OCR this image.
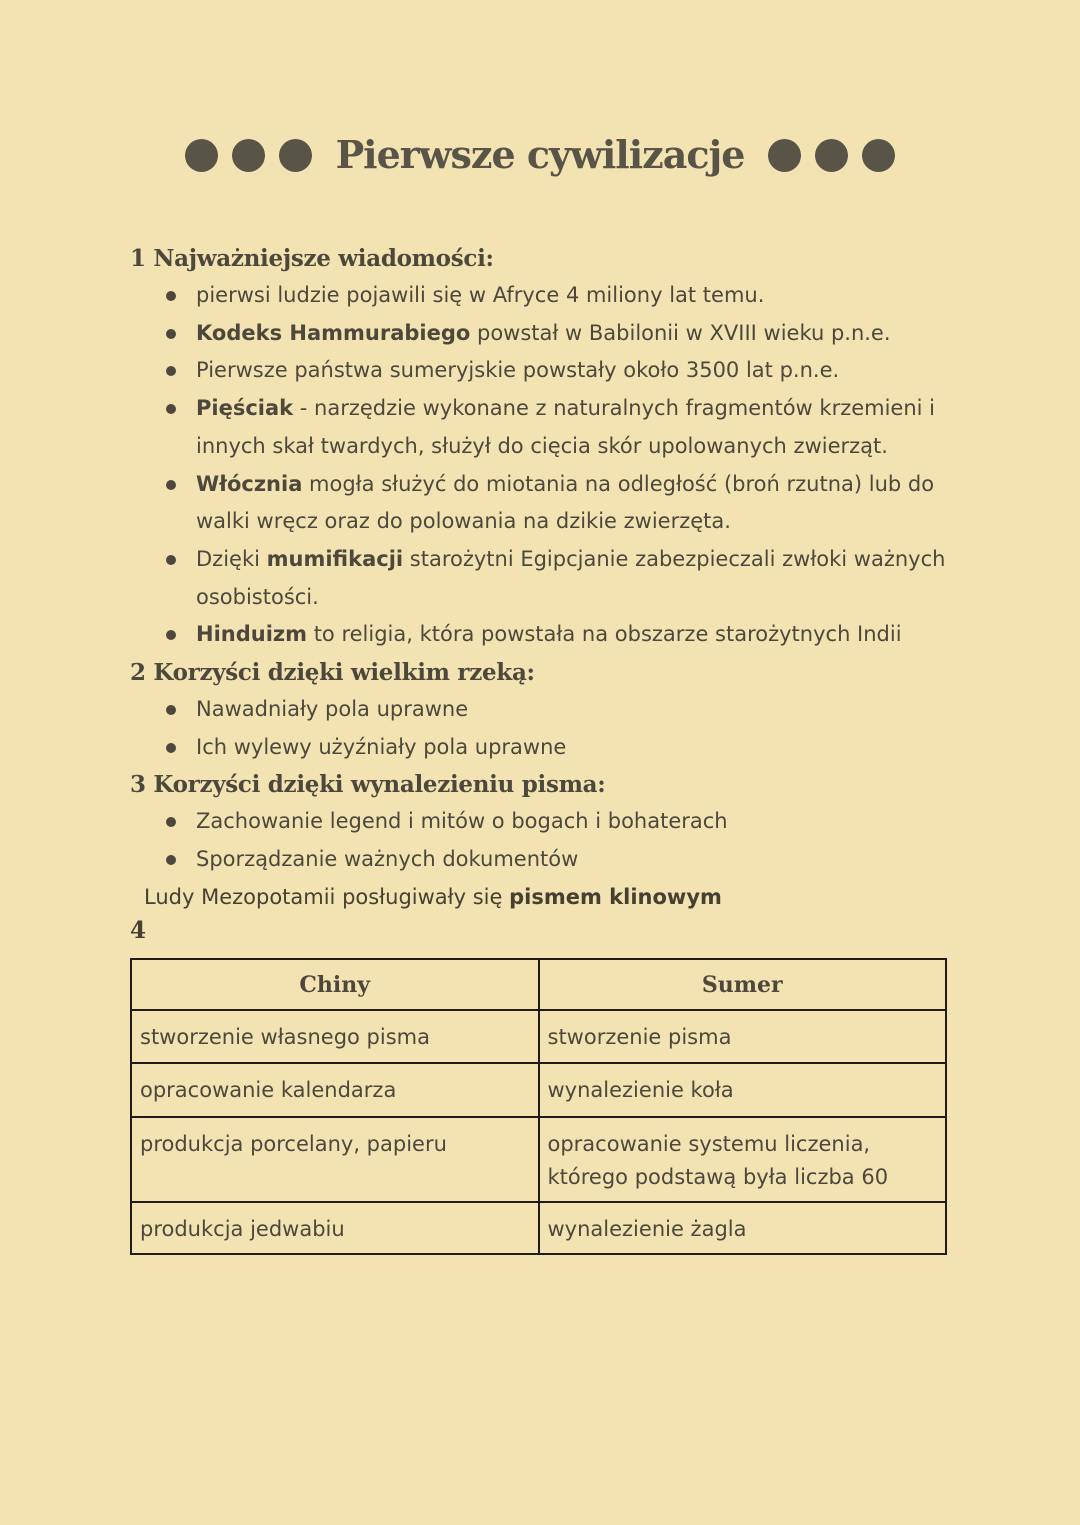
Pierwsze cywilizacje
1 Najważniejsze wiadomości:
pierwsi ludzie pojawili się w Afryce 4 miliony lat temu.
Kodeks Hammurabiego powstał w Babilonii w XVIII wieku p.n.e.
Pierwsze państwa sumeryjskie powstały około 3500 lat p.n.e.
Pięściak - narzędzie wykonane z naturalnych fragmentów krzemieni i innych skał twardych, służył do cięcia skór upolowanych zwierząt.
Włócznia mogła służyć do miotania na odległość (broń rzutna) lub do walki wręcz oraz do polowania na dzikie zwierzęta.
Dzięki mumifikacji starożytni Egipcjanie zabezpieczali zwłoki ważnych osobistości.
Hinduizm to religia, która powstała na obszarze starożytnych Indii
2 Korzyści dzięki wielkim rzeką:
Nawadniały pola uprawne
Ich wylewy użyźniały pola uprawne
3 Korzyści dzięki wynalezieniu pisma:
Zachowanie legend i mitów o bogach i bohaterach
Sporządzanie ważnych dokumentów
Ludy Mezopotamii posługiwały się pismem klinowym
4
Chiny	Sumer
stworzenie własnego pisma	stworzenie pisma
opracowanie kalendarza	wynalezienie koła
produkcja porcelany, papieru	opracowanie systemu liczenia, którego podstawą była liczba 60
produkcja jedwabiu	wynalezienie żagla
